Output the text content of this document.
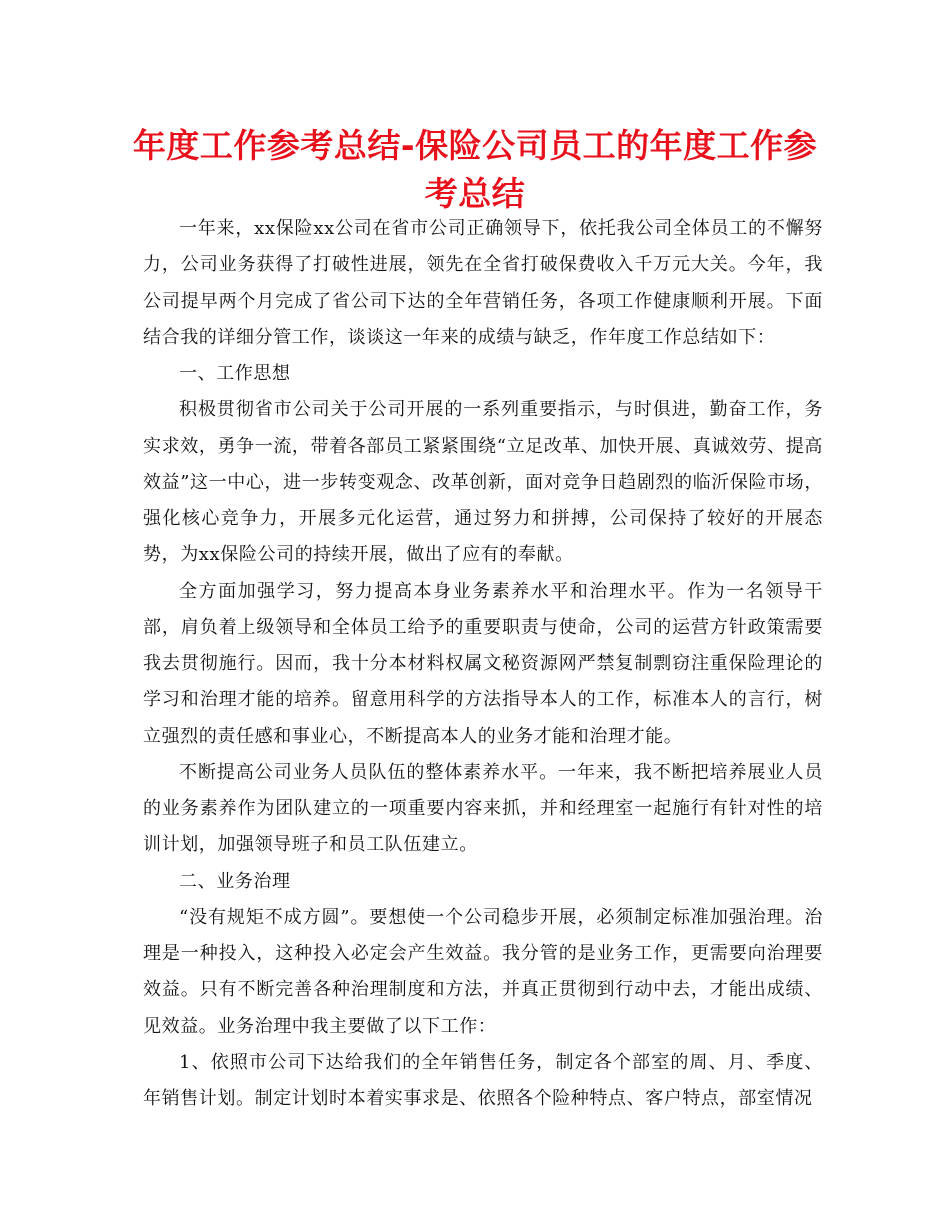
年度工作参考总结-保险公司员工的年度工作参考总结

一年来，xx保险xx公司在省市公司正确领导下，依托我公司全体员工的不懈努力，公司业务获得了打破性进展，领先在全省打破保费收入千万元大关。今年，我公司提早两个月完成了省公司下达的全年营销任务，各项工作健康顺利开展。下面结合我的详细分管工作，谈谈这一年来的成绩与缺乏，作年度工作总结如下：

一、工作思想

积极贯彻省市公司关于公司开展的一系列重要指示，与时俱进，勤奋工作，务实求效，勇争一流，带着各部员工紧紧围绕“立足改革、加快开展、真诚效劳、提高效益”这一中心，进一步转变观念、改革创新，面对竞争日趋剧烈的临沂保险市场，强化核心竞争力，开展多元化运营，通过努力和拼搏，公司保持了较好的开展态势，为xx保险公司的持续开展，做出了应有的奉献。

全方面加强学习，努力提高本身业务素养水平和治理水平。作为一名领导干部，肩负着上级领导和全体员工给予的重要职责与使命，公司的运营方针政策需要我去贯彻施行。因而，我十分本材料权属文秘资源网严禁复制剽窃注重保险理论的学习和治理才能的培养。留意用科学的方法指导本人的工作，标准本人的言行，树立强烈的责任感和事业心，不断提高本人的业务才能和治理才能。

不断提高公司业务人员队伍的整体素养水平。一年来，我不断把培养展业人员的业务素养作为团队建立的一项重要内容来抓，并和经理室一起施行有针对性的培训计划，加强领导班子和员工队伍建立。

二、业务治理

“没有规矩不成方圆”。要想使一个公司稳步开展，必须制定标准加强治理。治理是一种投入，这种投入必定会产生效益。我分管的是业务工作，更需要向治理要效益。只有不断完善各种治理制度和方法，并真正贯彻到行动中去，才能出成绩、见效益。业务治理中我主要做了以下工作：

1、依照市公司下达给我们的全年销售任务，制定各个部室的周、月、季度、年销售计划。制定计划时本着实事求是、依照各个险种特点、客户特点，部室情况
